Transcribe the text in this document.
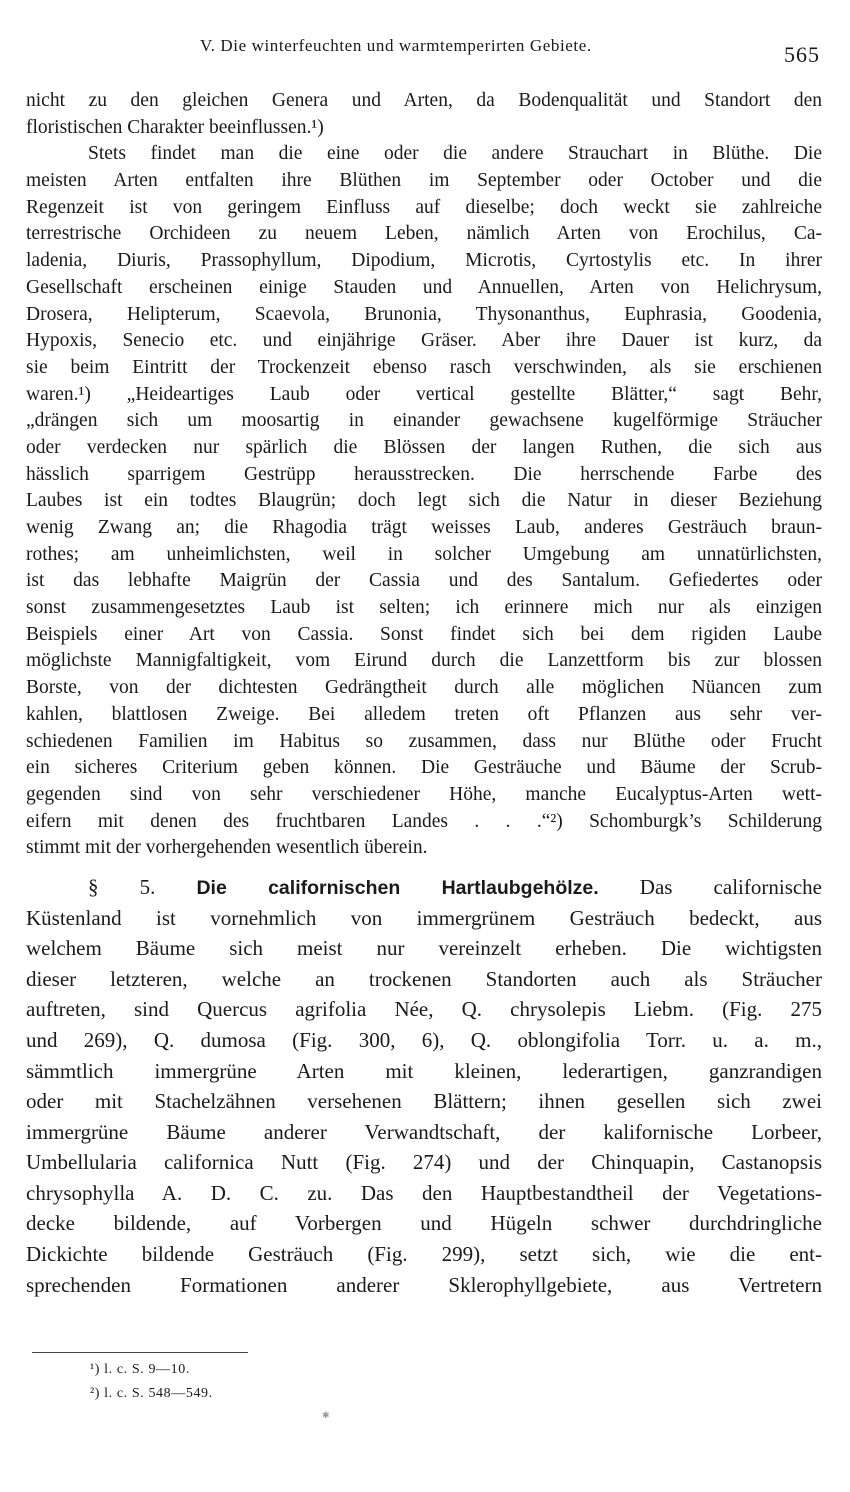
V. Die winterfeuchten und warmtemperirten Gebiete.	565
nicht zu den gleichen Genera und Arten, da Bodenqualität und Standort den
floristischen Charakter beeinflussen.¹)
Stets findet man die eine oder die andere Strauchart in Blüthe. Die
meisten Arten entfalten ihre Blüthen im September oder October und die
Regenzeit ist von geringem Einfluss auf dieselbe; doch weckt sie zahlreiche
terrestrische Orchideen zu neuem Leben, nämlich Arten von Erochilus, Ca-
ladenia, Diuris, Prassophyllum, Dipodium, Microtis, Cyrtostylis etc. In ihrer
Gesellschaft erscheinen einige Stauden und Annuellen, Arten von Helichrysum,
Drosera, Helipterum, Scaevola, Brunonia, Thysonanthus, Euphrasia, Goodenia,
Hypoxis, Senecio etc. und einjährige Gräser. Aber ihre Dauer ist kurz, da
sie beim Eintritt der Trockenzeit ebenso rasch verschwinden, als sie erschienen
waren.¹) „Heideartiges Laub oder vertical gestellte Blätter,“ sagt Behr,
„drängen sich um moosartig in einander gewachsene kugelförmige Sträucher
oder verdecken nur spärlich die Blössen der langen Ruthen, die sich aus
hässlich sparrigem Gestrüpp herausstrecken. Die herrschende Farbe des
Laubes ist ein todtes Blaugrün; doch legt sich die Natur in dieser Beziehung
wenig Zwang an; die Rhagodia trägt weisses Laub, anderes Gesträuch braun-
rothes; am unheimlichsten, weil in solcher Umgebung am unnatürlichsten,
ist das lebhafte Maigrün der Cassia und des Santalum. Gefiedertes oder
sonst zusammengesetztes Laub ist selten; ich erinnere mich nur als einzigen
Beispiels einer Art von Cassia. Sonst findet sich bei dem rigiden Laube
möglichste Mannigfaltigkeit, vom Eirund durch die Lanzettform bis zur blossen
Borste, von der dichtesten Gedrängtheit durch alle möglichen Nüancen zum
kahlen, blattlosen Zweige. Bei alledem treten oft Pflanzen aus sehr ver-
schiedenen Familien im Habitus so zusammen, dass nur Blüthe oder Frucht
ein sicheres Criterium geben können. Die Gesträuche und Bäume der Scrub-
gegenden sind von sehr verschiedener Höhe, manche Eucalyptus-Arten wett-
eifern mit denen des fruchtbaren Landes . . .“²) Schomburgk’s Schilderung
stimmt mit der vorhergehenden wesentlich überein.
§ 5. Die californischen Hartlaubgehölze. Das californische
Küstenland ist vornehmlich von immergrünem Gesträuch bedeckt, aus
welchem Bäume sich meist nur vereinzelt erheben. Die wichtigsten
dieser letzteren, welche an trockenen Standorten auch als Sträucher
auftreten, sind Quercus agrifolia Née, Q. chrysolepis Liebm. (Fig. 275
und 269), Q. dumosa (Fig. 300, 6), Q. oblongifolia Torr. u. a. m.,
sämmtlich immergrüne Arten mit kleinen, lederartigen, ganzrandigen
oder mit Stachelzähnen versehenen Blättern; ihnen gesellen sich zwei
immergrüne Bäume anderer Verwandtschaft, der kalifornische Lorbeer,
Umbellularia californica Nutt (Fig. 274) und der Chinquapin, Castanopsis
chrysophylla A. D. C. zu. Das den Hauptbestandtheil der Vegetations-
decke bildende, auf Vorbergen und Hügeln schwer durchdringliche
Dickichte bildende Gesträuch (Fig. 299), setzt sich, wie die ent-
sprechenden Formationen anderer Sklerophyllgebiete, aus Vertretern
¹) l. c. S. 9—10.
²) l. c. S. 548—549.
✱
